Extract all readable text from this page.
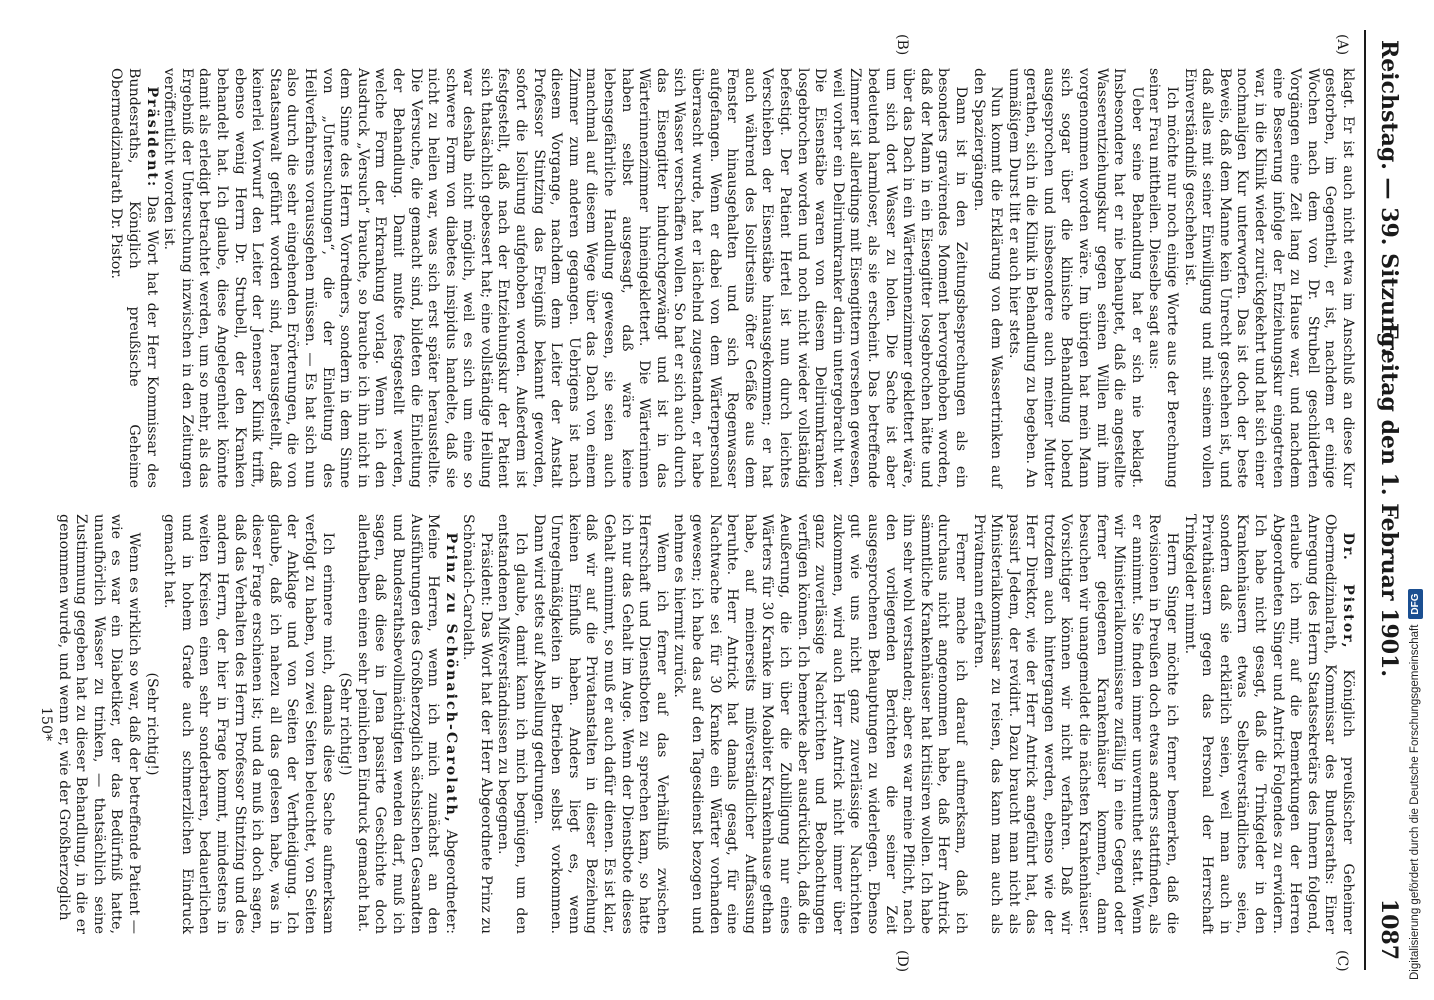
Reichstag. — 39. Sitzung.
Freitag den 1. Februar 1901.
1087
(A)
(B)
(C)
(D)

klagt. Er ist auch nicht etwa im Anschluß an diese Kur gestorben, im Gegentheil, er ist, nachdem er einige Wochen nach dem von Dr. Strubell geschilderten Vorgängen eine Zeit lang zu Hause war, und nachdem eine Besserung infolge der Entziehungskur eingetreten war, in die Klinik wieder zurückgekehrt und hat sich einer nochmaligen Kur unterworfen. Das ist doch der beste Beweis, daß dem Manne kein Unrecht geschehen ist, und daß alles mit seiner Einwilligung und mit seinem vollen Einverständniß geschehen ist.

Ich möchte nur noch einige Worte aus der Berechnung seiner Frau mittheilen. Dieselbe sagt aus:

Ueber seine Behandlung hat er sich nie beklagt. Insbesondere hat er nie behauptet, daß die angestellte Wasserentziehungskur gegen seinen Willen mit ihm vorgenommen worden wäre. Im übrigen hat mein Mann sich sogar über die klinische Behandlung lobend ausgesprochen und insbesondere auch meiner Mutter gerathen, sich in die Klinik in Behandlung zu begeben. An unmäßigem Durst litt er auch hier stets.

Nun kommt die Erklärung von dem Wassertrinken auf den Spaziergängen.

Dann ist in den Zeitungsbesprechungen als ein besonders gravirendes Moment hervorgehoben worden, daß der Mann in ein Eisengitter losgebrochen hätte und über das Dach in ein Wärterinnenzimmer geklettert wäre, um sich dort Wasser zu holen. Die Sache ist aber bedeutend harmloser, als sie erscheint. Das betreffende Zimmer ist allerdings mit Eisengittern versehen gewesen, weil vorher ein Deliriumkranker darin untergebracht war. Die Eisenstäbe waren von diesem Deliriumkranken losgebrochen worden und noch nicht wieder vollständig befestigt. Der Patient Hertel ist nun durch leichtes Verschieben der Eisenstäbe hinausgekommen; er hat auch während des Isolirtseins öfter Gefäße aus dem Fenster hinausgehalten und sich Regenwasser aufgefangen. Wenn er dabei von dem Wärterpersonal überrascht wurde, hat er lächelnd zugestanden, er habe sich Wasser verschaffen wollen. So hat er sich auch durch das Eisengitter hindurchgezwängt und ist in das Wärterinnenzimmer hineingeklettert. Die Wärterinnen haben selbst ausgesagt, daß wäre keine lebensgefährliche Handlung gewesen, sie seien auch manchmal auf diesem Wege über das Dach von einem Zimmer zum anderen gegangen. Uebrigens ist nach diesem Vorgange, nachdem dem Leiter der Anstalt Professor Stintzing das Ereigniß bekannt geworden, sofort die Isolirung aufgehoben worden. Außerdem ist festgestellt, daß nach der Entziehungskur der Patient sich thatsächlich gebessert hat; eine vollständige Heilung war deshalb nicht möglich, weil es sich um eine so schwere Form von diabetes insipidus handelte, daß sie nicht zu heilen war, was sich erst später herausstellte. Die Versuche, die gemacht sind, bildeten die Einleitung der Behandlung. Damit mußte festgestellt werden, welche Form der Erkrankung vorlag. Wenn ich den Ausdruck „Versuch“ brauche, so brauche ich ihn nicht in dem Sinne des Herrn Vorredners, sondern in dem Sinne von „Untersuchungen“, die der Einleitung des Heilverfahrens voraussgehen müssen. — Es hat sich nun also durch die sehr eingehenden Erörterungen, die von Staatsanwalt geführt worden sind, herausgestellt, daß keinerlei Vorwurf den Leiter der Jenenser Klinik trifft, ebenso wenig Herrn Dr. Strubell, der den Kranken behandelt hat. Ich glaube, diese Angelegenheit könnte damit als erledigt betrachtet werden, um so mehr, als das Ergebniß der Untersuchung inzwischen in den Zeitungen veröffentlicht worden ist.

Präsident: Das Wort hat der Herr Kommissar des Bundesraths, Königlich preußische Geheime Obermedizinalrath Dr. Pistor.

Dr. Pistor, Königlich preußischer Geheimer Obermedizinalrath, Kommissar des Bundesraths: Einer Anregung des Herrn Staatssekretärs des Innern folgend, erlaube ich mir, auf die Bemerkungen der Herren Abgeordneten Singer und Antrick Folgendes zu erwidern. Ich habe nicht gesagt, daß die Trinkgelder in den Krankenhäusern etwas Selbstverständliches seien, sondern daß sie erklärlich seien, weil man auch in Privathäusern gegen das Personal der Herrschaft Trinkgelder nimmt.

Herrn Singer möchte ich ferner bemerken, daß die Revisionen in Preußen doch etwas anders stattfinden, als er annimmt. Sie finden immer unvermuthet statt. Wenn wir Ministerialkommissare zufällig in eine Gegend oder ferner gelegenen Krankenhäuser kommen, dann besuchen wir unangemeldet die nächsten Krankenhäuser. Vorsichtiger können wir nicht verfahren. Daß wir trotzdem auch hintergangen werden, ebenso wie der Herr Direktor, wie der Herr Antrick angeführt hat, das passirt Jedem, der revidirt. Dazu braucht man nicht als Ministerialkommissar zu reisen, das kann man auch als Privatmann erfahren.

Ferner mache ich darauf aufmerksam, daß ich durchaus nicht angenommen habe, daß Herr Antrick sämmtliche Krankenhäuser hat kritisiren wollen. Ich habe ihn sehr wohl verstanden; aber es war meine Pflicht, nach den vorliegenden Berichten die seiner Zeit ausgesprochenen Behauptungen zu widerlegen. Ebenso gut wie uns nicht ganz zuverlässige Nachrichten zukommen, wird auch Herr Antrick nicht immer über ganz zuverlässige Nachrichten und Beobachtungen verfügen können. Ich bemerke aber ausdrücklich, daß die Aeußerung, die ich über die Zubilligung nur eines Wärters für 30 Kranke im Moabiter Krankenhause gethan habe, auf meinerseits mißverständlicher Auffassung beruhte. Herr Antrick hat damals gesagt, für eine Nachtwache sei für 30 Kranke ein Wärter vorhanden gewesen; ich habe das auf den Tagesdienst bezogen und nehme es hiermit zurück.

Wenn ich ferner auf das Verhältniß zwischen Herrschaft und Dienstboten zu sprechen kam, so hatte ich nur das Gehalt im Auge. Wenn der Dienstbote dieses Gehalt annimmt, so muß er auch dafür dienen. Es ist klar, daß wir auf die Privatanstalten in dieser Beziehung keinen Einfluß haben. Anders liegt es, wenn Unregelmäßigkeiten in Betrieben selbst vorkommen. Dann wird stets auf Abstellung gedrungen.

Ich glaube, damit kann ich mich begnügen, um den entstandenen Mißverständnissen zu begegnen.

Präsident: Das Wort hat der Herr Abgeordnete Prinz zu Schönaich-Carolath.

Prinz zu Schönaich-Carolath, Abgeordneter: Meine Herren, wenn ich mich zunächst an den Ausführungen des Großherzoglich sächsischen Gesandten und Bundesrathsbevollmächtigten wenden darf, muß ich sagen, daß diese in Jena passirte Geschichte doch allenthalben einen sehr peinlichen Eindruck gemacht hat.

(Sehr richtig!)

Ich erinnere mich, damals diese Sache aufmerksam verfolgt zu haben, von zwei Seiten beleuchtet, von Seiten der Anklage und von Seiten der Vertheidigung. Ich glaube, daß ich nahezu all das gelesen habe, was in dieser Frage erschienen ist; und da muß ich doch sagen, daß das Verhalten des Herrn Professor Stintzing und des andern Herrn, der hier in Frage kommt, mindestens in weiten Kreisen einen sehr sonderbaren, bedauerlichen und in hohem Grade auch schmerzlichen Eindruck gemacht hat.

(Sehr richtig!)

Wenn es wirklich so war, daß der betreffende Patient — wie es war ein Diabetiker, der das Bedürfniß hatte, unaufhörlich Wasser zu trinken, — thatsächlich seine Zustimmung gegeben hat zu dieser Behandlung, in die er genommen wurde, und wenn er, wie der Großherzoglich

150*	Digitalisierung gefördert durch die Deutsche Forschungsgemeinschaft
DFG
